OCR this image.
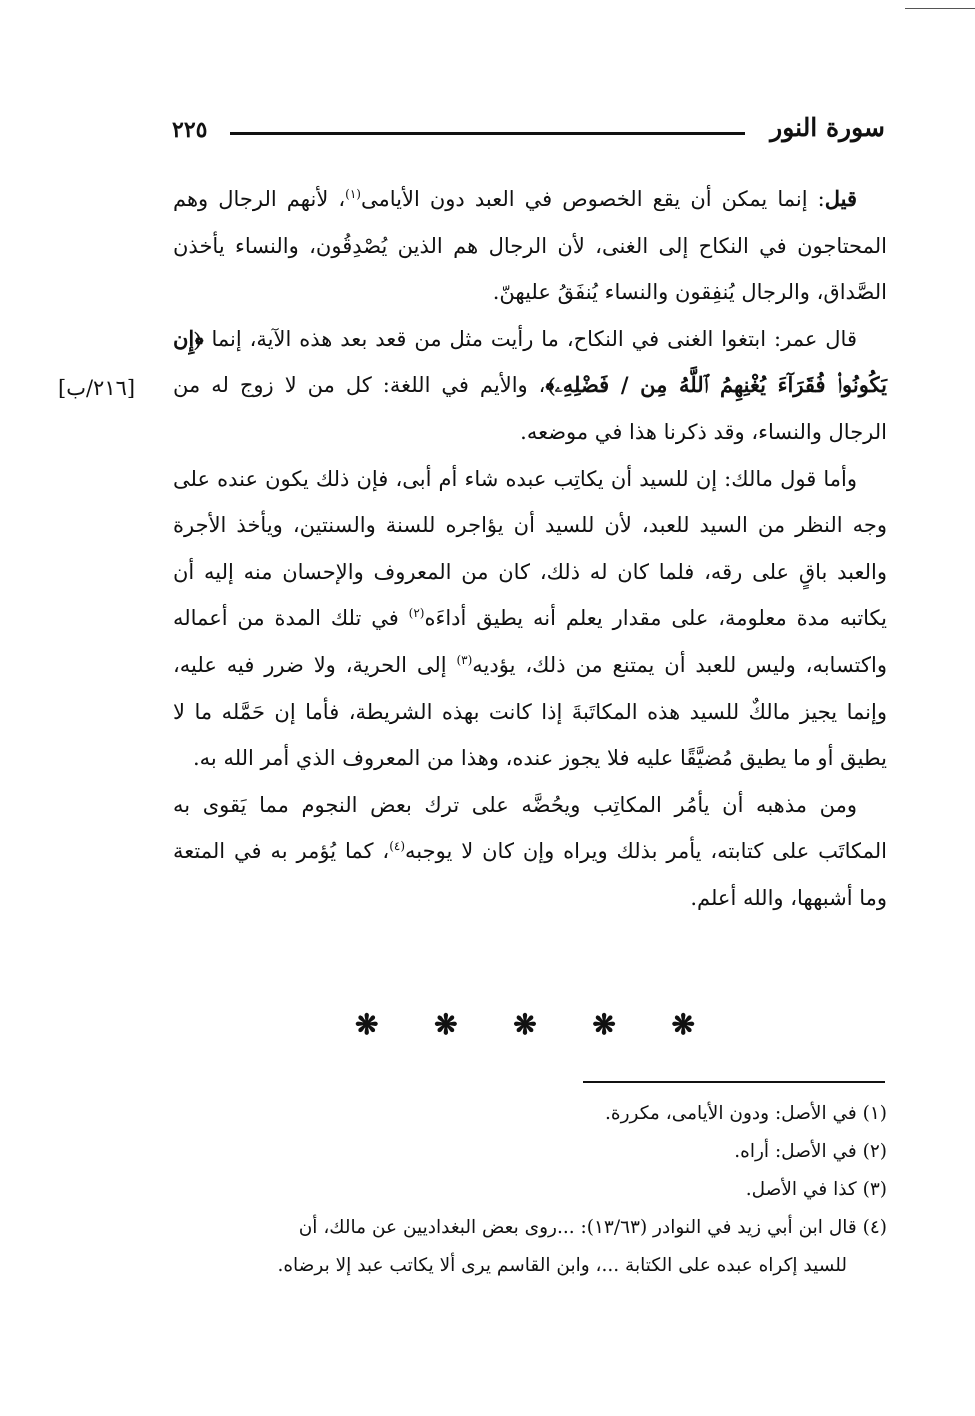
سورة النور
٢٢٥
[٢١٦/ب]

قيل: إنما يمكن أن يقع الخصوص في العبد دون الأيامى$^{(١)}$، لأنهم الرجال وهم المحتاجون في النكاح إلى الغنى، لأن الرجال هم الذين يُصْدِقُون، والنساء يأخذن الصَّداق، والرجال يُنفِقون والنساء يُنفَقُ عليهنّ.

قال عمر: ابتغوا الغنى في النكاح، ما رأيت مثل من قعد بعد هذه الآية، إنما ﴿إِن يَكُونُوا۟ فُقَرَآءَ يُغْنِهِمُ ٱللَّهُ مِن / فَضْلِهِۦ﴾، والأيم في اللغة: كل من لا زوج له من الرجال والنساء، وقد ذكرنا هذا في موضعه.

وأما قول مالك: إن للسيد أن يكاتِب عبده شاء أم أبى، فإن ذلك يكون عنده على وجه النظر من السيد للعبد، لأن للسيد أن يؤاجره للسنة والسنتين، ويأخذ الأجرة والعبد باقٍ على رقه، فلما كان له ذلك، كان من المعروف والإحسان منه إليه أن يكاتبه مدة معلومة، على مقدار يعلم أنه يطيق أداءَه$^{(٢)}$ في تلك المدة من أعماله واكتسابه، وليس للعبد أن يمتنع من ذلك، يؤديه$^{(٣)}$ إلى الحرية، ولا ضرر فيه عليه، وإنما يجيز مالكٌ للسيد هذه المكاتَبةَ إذا كانت بهذه الشريطة، فأما إن حَمَّله ما لا يطيق أو ما يطيق مُضيَّقًا عليه فلا يجوز عنده، وهذا من المعروف الذي أمر الله به.

ومن مذهبه أن يأمُر المكاتِب ويحُضَّه على ترك بعض النجوم مما يَقوى به المكاتَب على كتابته، يأمر بذلك ويراه وإن كان لا يوجبه$^{(٤)}$، كما يُؤمر به في المتعة وما أشبهها، والله أعلم.

❋ ❋ ❋ ❋ ❋

(١) في الأصل: ودون الأيامى، مكررة.

(٢) في الأصل: أراه.

(٣) كذا في الأصل.

(٤) قال ابن أبي زيد في النوادر (١٣/٦٣): ...روى بعض البغداديين عن مالك، أن

للسيد إكراه عبده على الكتابة ...، وابن القاسم يرى ألا يكاتب عبد إلا برضاه.
